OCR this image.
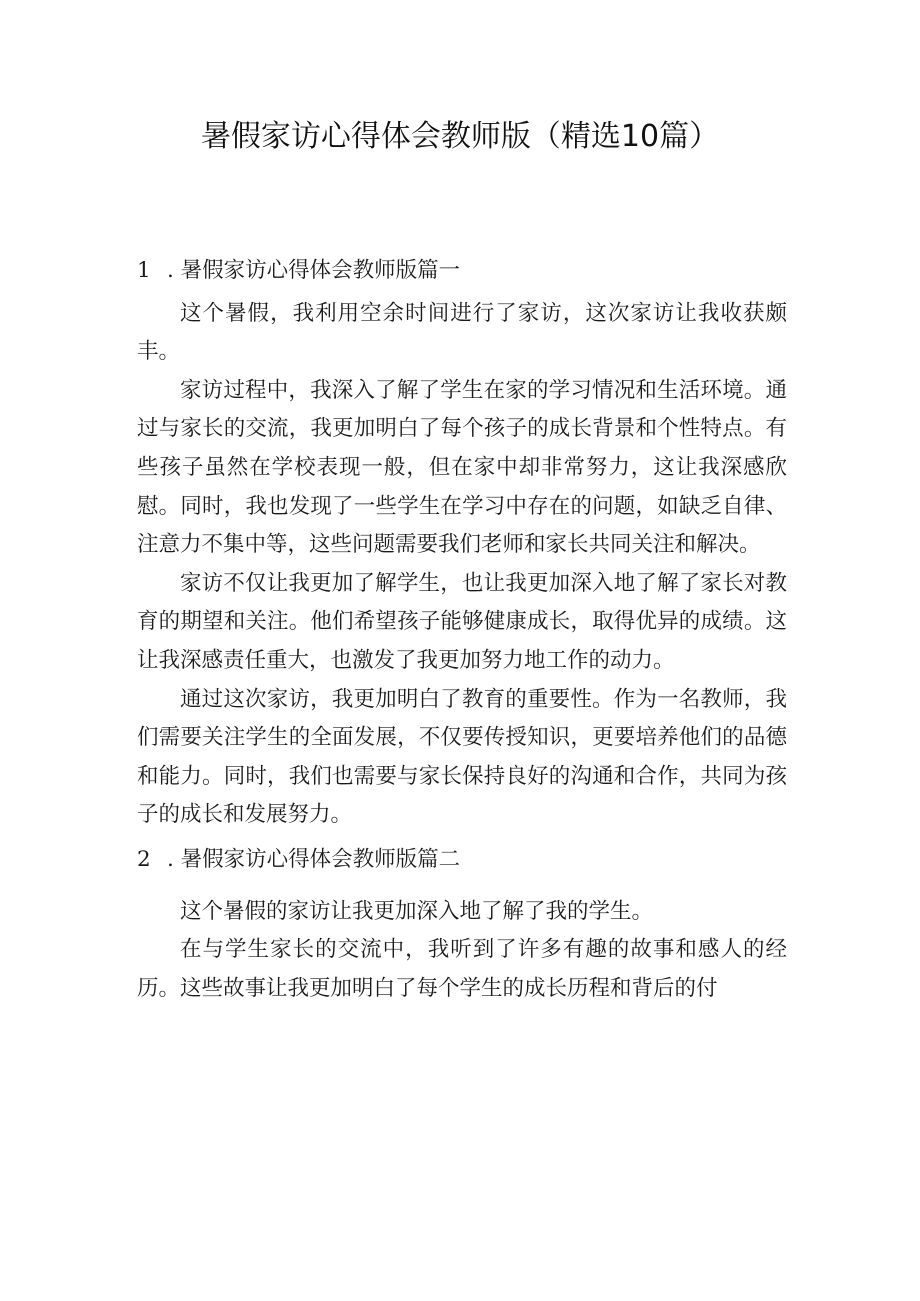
暑假家访心得体会教师版（精选10篇）
1 . 暑假家访心得体会教师版篇一

这个暑假，我利用空余时间进行了家访，这次家访让我收获颇丰。

家访过程中，我深入了解了学生在家的学习情况和生活环境。通过与家长的交流，我更加明白了每个孩子的成长背景和个性特点。有些孩子虽然在学校表现一般，但在家中却非常努力，这让我深感欣慰。同时，我也发现了一些学生在学习中存在的问题，如缺乏自律、注意力不集中等，这些问题需要我们老师和家长共同关注和解决。

家访不仅让我更加了解学生，也让我更加深入地了解了家长对教育的期望和关注。他们希望孩子能够健康成长，取得优异的成绩。这让我深感责任重大，也激发了我更加努力地工作的动力。

通过这次家访，我更加明白了教育的重要性。作为一名教师，我们需要关注学生的全面发展，不仅要传授知识，更要培养他们的品德和能力。同时，我们也需要与家长保持良好的沟通和合作，共同为孩子的成长和发展努力。

2 . 暑假家访心得体会教师版篇二

这个暑假的家访让我更加深入地了解了我的学生。

在与学生家长的交流中，我听到了许多有趣的故事和感人的经历。这些故事让我更加明白了每个学生的成长历程和背后的付
